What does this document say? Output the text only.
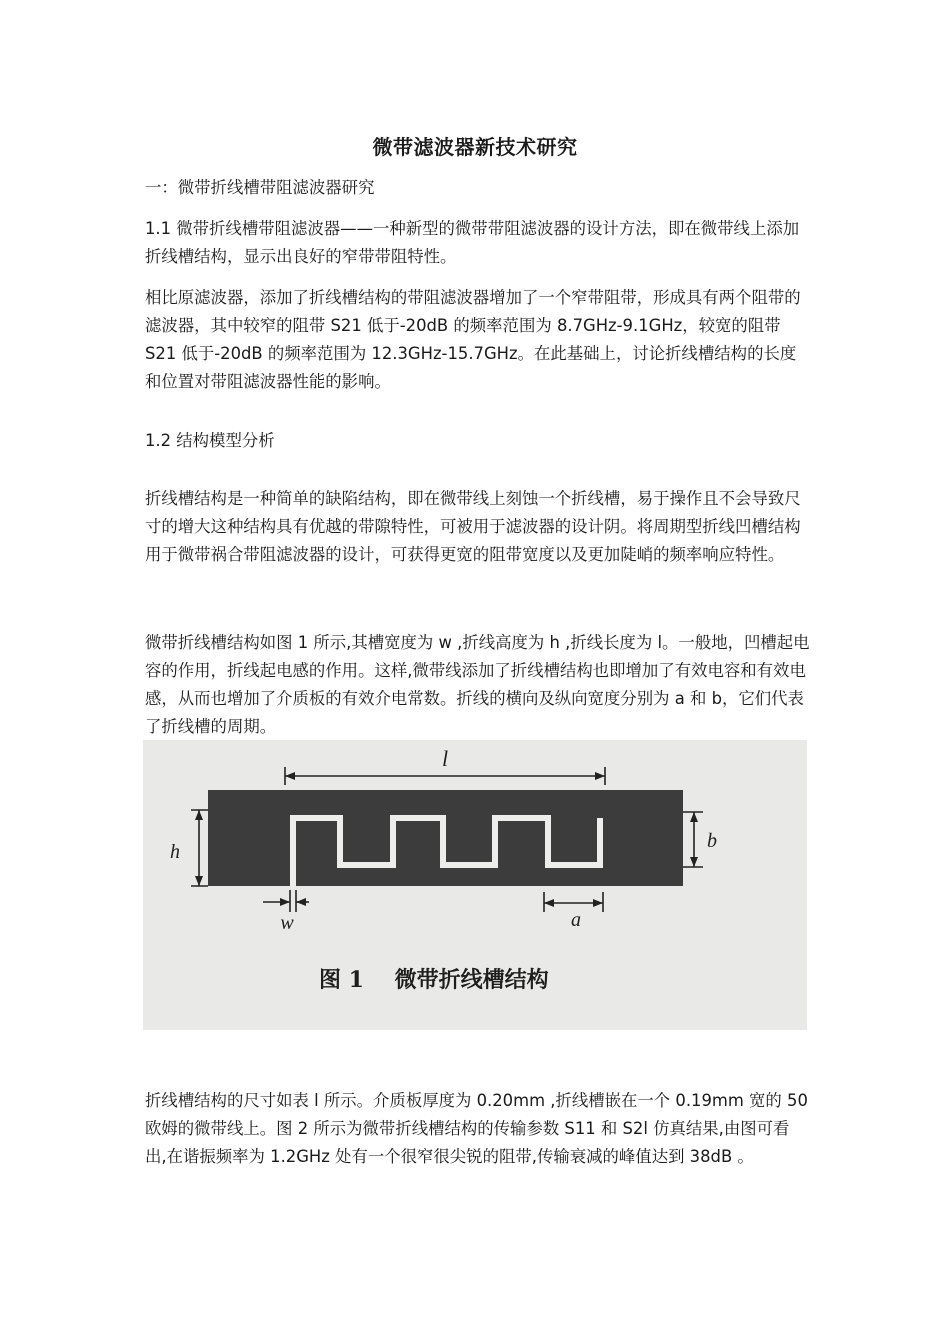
微带滤波器新技术研究

一：微带折线槽带阻滤波器研究

1.1 微带折线槽带阻滤波器——一种新型的微带带阻滤波器的设计方法，即在微带线上添加折线槽结构，显示出良好的窄带带阻特性。

相比原滤波器，添加了折线槽结构的带阻滤波器增加了一个窄带阻带，形成具有两个阻带的滤波器，其中较窄的阻带 S21 低于-20dB 的频率范围为 8.7GHz-9.1GHz，较宽的阻带 S21 低于-20dB 的频率范围为 12.3GHz-15.7GHz。在此基础上，讨论折线槽结构的长度和位置对带阻滤波器性能的影响。

1.2 结构模型分析

折线槽结构是一种简单的缺陷结构，即在微带线上刻蚀一个折线槽，易于操作且不会导致尺寸的增大这种结构具有优越的带隙特性，可被用于滤波器的设计阴。将周期型折线凹槽结构用于微带祸合带阻滤波器的设计，可获得更宽的阻带宽度以及更加陡峭的频率响应特性。

微带折线槽结构如图 1 所示,其槽宽度为 w ,折线高度为 h ,折线长度为 l。一般地，凹槽起电容的作用，折线起电感的作用。这样,微带线添加了折线槽结构也即增加了有效电容和有效电感，从而也增加了介质板的有效介电常数。折线的横向及纵向宽度分别为 a 和 b，它们代表了折线槽的周期。

l
h	b
w	a
图 1    微带折线槽结构

折线槽结构的尺寸如表 l 所示。介质板厚度为 0.20mm ,折线槽嵌在一个 0.19mm 宽的 50 欧姆的微带线上。图 2 所示为微带折线槽结构的传输参数 S11 和 S2l 仿真结果,由图可看出,在谐振频率为 1.2GHz 处有一个很窄很尖锐的阻带,传输衰减的峰值达到 38dB 。
